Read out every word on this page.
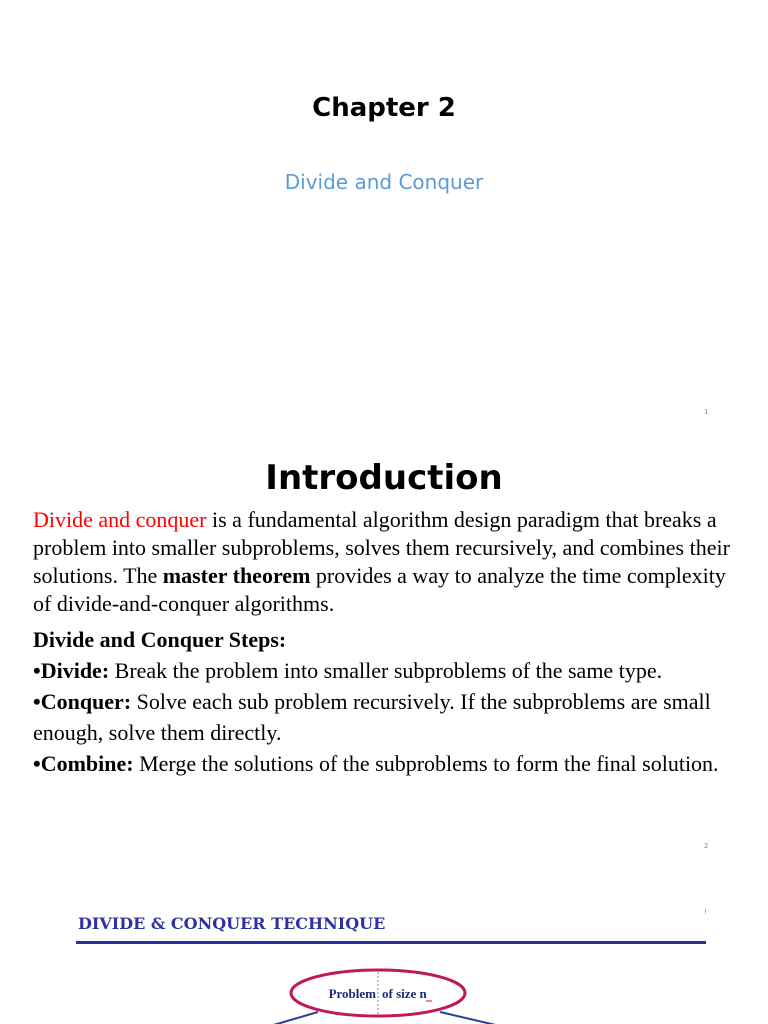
Chapter 2
Divide and Conquer
1
Introduction

Divide and conquer is a fundamental algorithm design paradigm that breaks a problem into smaller subproblems, solves them recursively, and combines their solutions. The master theorem provides a way to analyze the time complexity of divide-and-conquer algorithms.

Divide and Conquer Steps:

•Divide: Break the problem into smaller subproblems of the same type.

•Conquer: Solve each sub problem recursively. If the subproblems are small enough, solve them directly.

•Combine: Merge the solutions of the subproblems to form the final solution.

2
DIVIDE & CONQUER TECHNIQUE
!
Problem of size n
